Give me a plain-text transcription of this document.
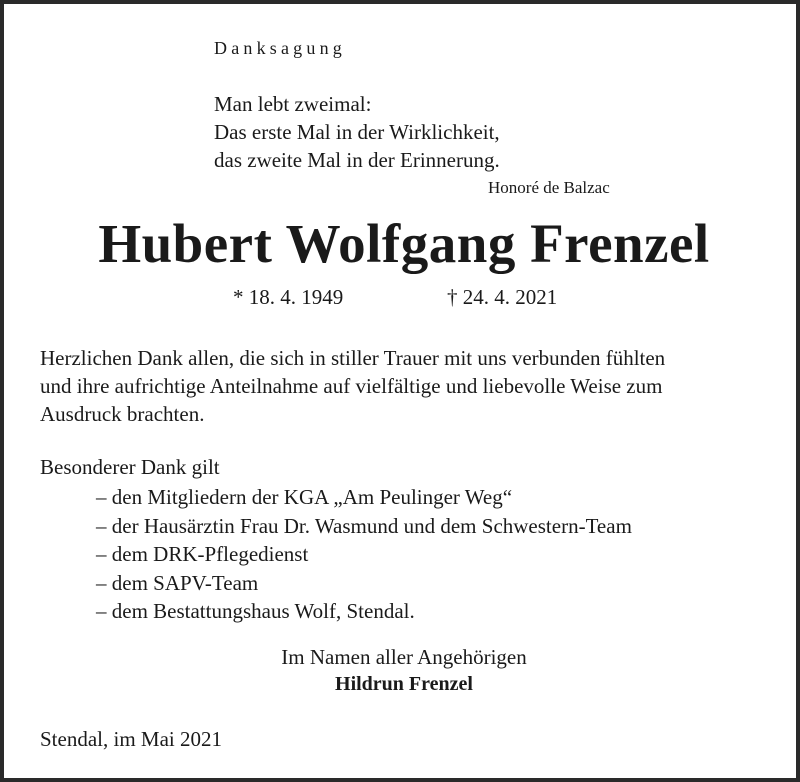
Danksagung
Man lebt zweimal:
Das erste Mal in der Wirklichkeit,
das zweite Mal in der Erinnerung.
Honoré de Balzac
Hubert Wolfgang Frenzel
* 18. 4. 1949	† 24. 4. 2021
Herzlichen Dank allen, die sich in stiller Trauer mit uns verbunden fühlten
und ihre aufrichtige Anteilnahme auf vielfältige und liebevolle Weise zum
Ausdruck brachten.
Besonderer Dank gilt
– den Mitgliedern der KGA „Am Peulinger Weg“
– der Hausärztin Frau Dr. Wasmund und dem Schwestern-Team
– dem DRK-Pflegedienst
– dem SAPV-Team
– dem Bestattungshaus Wolf, Stendal.
Im Namen aller Angehörigen
Hildrun Frenzel
Stendal, im Mai 2021
